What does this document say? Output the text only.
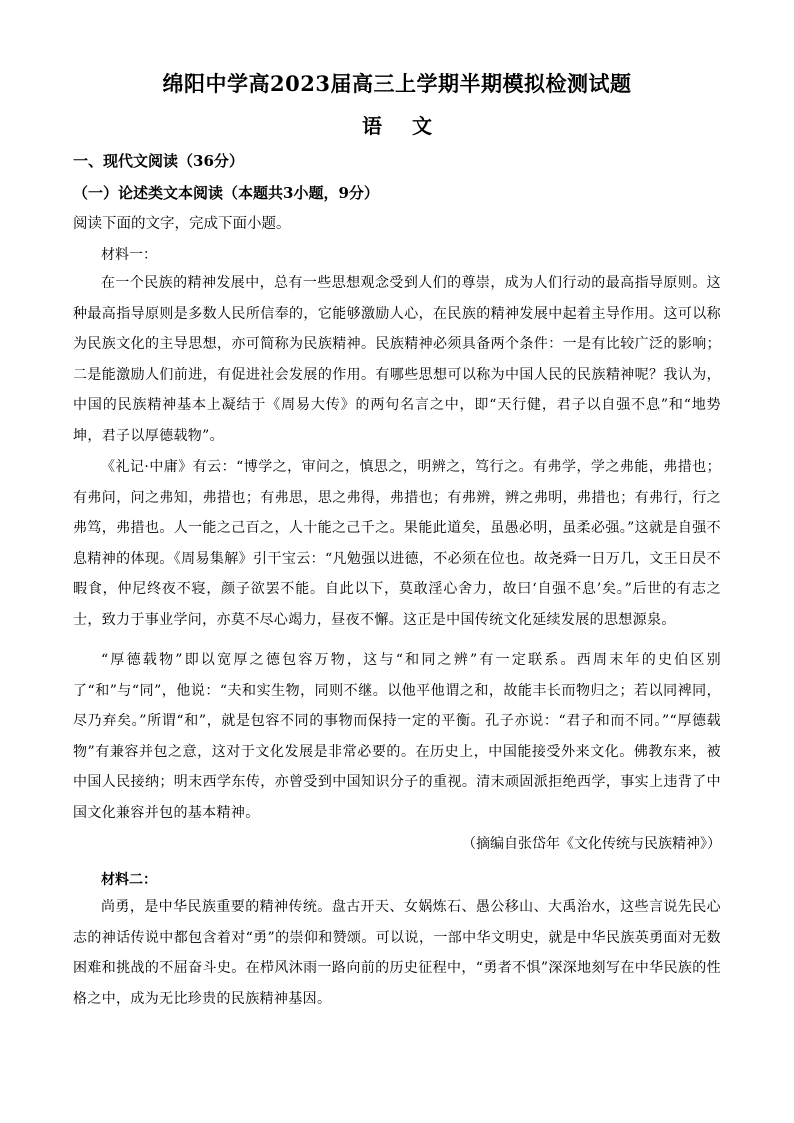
绵阳中学高2023届高三上学期半期模拟检测试题
语文
一、现代文阅读（36分）
（一）论述类文本阅读（本题共3小题，9分）
阅读下面的文字，完成下面小题。
材料一：
在一个民族的精神发展中，总有一些思想观念受到人们的尊崇，成为人们行动的最高指导原则。这种最高指导原则是多数人民所信奉的，它能够激励人心，在民族的精神发展中起着主导作用。这可以称为民族文化的主导思想，亦可简称为民族精神。民族精神必须具备两个条件：一是有比较广泛的影响；二是能激励人们前进，有促进社会发展的作用。有哪些思想可以称为中国人民的民族精神呢？我认为，中国的民族精神基本上凝结于《周易大传》的两句名言之中，即“天行健，君子以自强不息”和“地势坤，君子以厚德载物”。
《礼记·中庸》有云：“博学之，审问之，慎思之，明辨之，笃行之。有弗学，学之弗能，弗措也；有弗问，问之弗知，弗措也；有弗思，思之弗得，弗措也；有弗辨，辨之弗明，弗措也；有弗行，行之弗笃，弗措也。人一能之己百之，人十能之己千之。果能此道矣，虽愚必明，虽柔必强。”这就是自强不息精神的体现。《周易集解》引干宝云：“凡勉强以进德，不必须在位也。故尧舜一日万几，文王日昃不暇食，仲尼终夜不寝，颜子欲罢不能。自此以下，莫敢淫心舍力，故曰‘自强不息’矣。”后世的有志之士，致力于事业学问，亦莫不尽心竭力，昼夜不懈。这正是中国传统文化延续发展的思想源泉。
“厚德载物”即以宽厚之德包容万物，这与“和同之辨”有一定联系。西周末年的史伯区别了“和”与“同”，他说：“夫和实生物，同则不继。以他平他谓之和，故能丰长而物归之；若以同裨同，尽乃弃矣。”所谓“和”，就是包容不同的事物而保持一定的平衡。孔子亦说：“君子和而不同。”“厚德载物”有兼容并包之意，这对于文化发展是非常必要的。在历史上，中国能接受外来文化。佛教东来，被中国人民接纳；明末西学东传，亦曾受到中国知识分子的重视。清末顽固派拒绝西学，事实上违背了中国文化兼容并包的基本精神。
（摘编自张岱年《文化传统与民族精神》）
材料二：
尚勇，是中华民族重要的精神传统。盘古开天、女娲炼石、愚公移山、大禹治水，这些言说先民心志的神话传说中都包含着对“勇”的崇仰和赞颂。可以说，一部中华文明史，就是中华民族英勇面对无数困难和挑战的不屈奋斗史。在栉风沐雨一路向前的历史征程中，“勇者不惧”深深地刻写在中华民族的性格之中，成为无比珍贵的民族精神基因。
